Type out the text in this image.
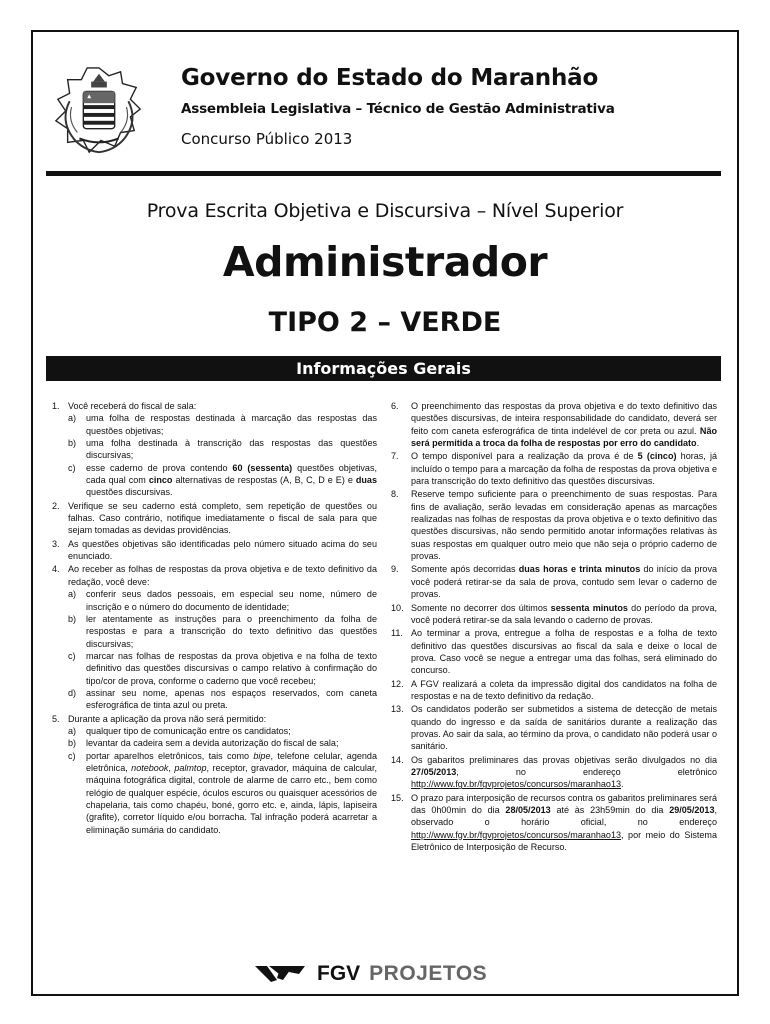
Governo do Estado do Maranhão
Assembleia Legislativa – Técnico de Gestão Administrativa
Concurso Público 2013
Prova Escrita Objetiva e Discursiva – Nível Superior
Administrador
TIPO 2 – VERDE
Informações Gerais
1. Você receberá do fiscal de sala:
a)	uma folha de respostas destinada à marcação das respostas das questões objetivas;
b)	uma folha destinada à transcrição das respostas das questões discursivas;
c)	esse caderno de prova contendo 60 (sessenta) questões objetivas, cada qual com cinco alternativas de respostas (A, B, C, D e E) e duas questões discursivas.
2. Verifique se seu caderno está completo, sem repetição de questões ou falhas. Caso contrário, notifique imediatamente o fiscal de sala para que sejam tomadas as devidas providências.
3. As questões objetivas são identificadas pelo número situado acima do seu enunciado.
4. Ao receber as folhas de respostas da prova objetiva e de texto definitivo da redação, você deve:
a)	conferir seus dados pessoais, em especial seu nome, número de inscrição e o número do documento de identidade;
b)	ler atentamente as instruções para o preenchimento da folha de respostas e para a transcrição do texto definitivo das questões discursivas;
c)	marcar nas folhas de respostas da prova objetiva e na folha de texto definitivo das questões discursivas o campo relativo à confirmação do tipo/cor de prova, conforme o caderno que você recebeu;
d)	assinar seu nome, apenas nos espaços reservados, com caneta esferográfica de tinta azul ou preta.
5. Durante a aplicação da prova não será permitido:
a)	qualquer tipo de comunicação entre os candidatos;
b)	levantar da cadeira sem a devida autorização do fiscal de sala;
c)	portar aparelhos eletrônicos, tais como bipe, telefone celular, agenda eletrônica, notebook, palmtop, receptor, gravador, máquina de calcular, máquina fotográfica digital, controle de alarme de carro etc., bem como relógio de qualquer espécie, óculos escuros ou quaisquer acessórios de chapelaria, tais como chapéu, boné, gorro etc. e, ainda, lápis, lapiseira (grafite), corretor líquido e/ou borracha. Tal infração poderá acarretar a eliminação sumária do candidato.
6.	O preenchimento das respostas da prova objetiva e do texto definitivo das questões discursivas, de inteira responsabilidade do candidato, deverá ser feito com caneta esferográfica de tinta indelével de cor preta ou azul. Não será permitida a troca da folha de respostas por erro do candidato.
7.	O tempo disponível para a realização da prova é de 5 (cinco) horas, já incluído o tempo para a marcação da folha de respostas da prova objetiva e para transcrição do texto definitivo das questões discursivas.
8.	Reserve tempo suficiente para o preenchimento de suas respostas. Para fins de avaliação, serão levadas em consideração apenas as marcações realizadas nas folhas de respostas da prova objetiva e o texto definitivo das questões discursivas, não sendo permitido anotar informações relativas às suas respostas em qualquer outro meio que não seja o próprio caderno de provas.
9.	Somente após decorridas duas horas e trinta minutos do início da prova você poderá retirar-se da sala de prova, contudo sem levar o caderno de provas.
10. Somente no decorrer dos últimos sessenta minutos do período da prova, você poderá retirar-se da sala levando o caderno de provas.
11. Ao terminar a prova, entregue a folha de respostas e a folha de texto definitivo das questões discursivas ao fiscal da sala e deixe o local de prova. Caso você se negue a entregar uma das folhas, será eliminado do concurso.
12. A FGV realizará a coleta da impressão digital dos candidatos na folha de respostas e na de texto definitivo da redação.
13. Os candidatos poderão ser submetidos a sistema de detecção de metais quando do ingresso e da saída de sanitários durante a realização das provas. Ao sair da sala, ao término da prova, o candidato não poderá usar o sanitário.
14. Os gabaritos preliminares das provas objetivas serão divulgados no dia 27/05/2013, no endereço eletrônico http://www.fgv.br/fgvprojetos/concursos/maranhao13.
15. O prazo para interposição de recursos contra os gabaritos preliminares será das 0h00min do dia 28/05/2013 até às 23h59min do dia 29/05/2013, observado o horário oficial, no endereço http://www.fgv.br/fgvprojetos/concursos/maranhao13, por meio do Sistema Eletrônico de Interposição de Recurso.
FGV PROJETOS
